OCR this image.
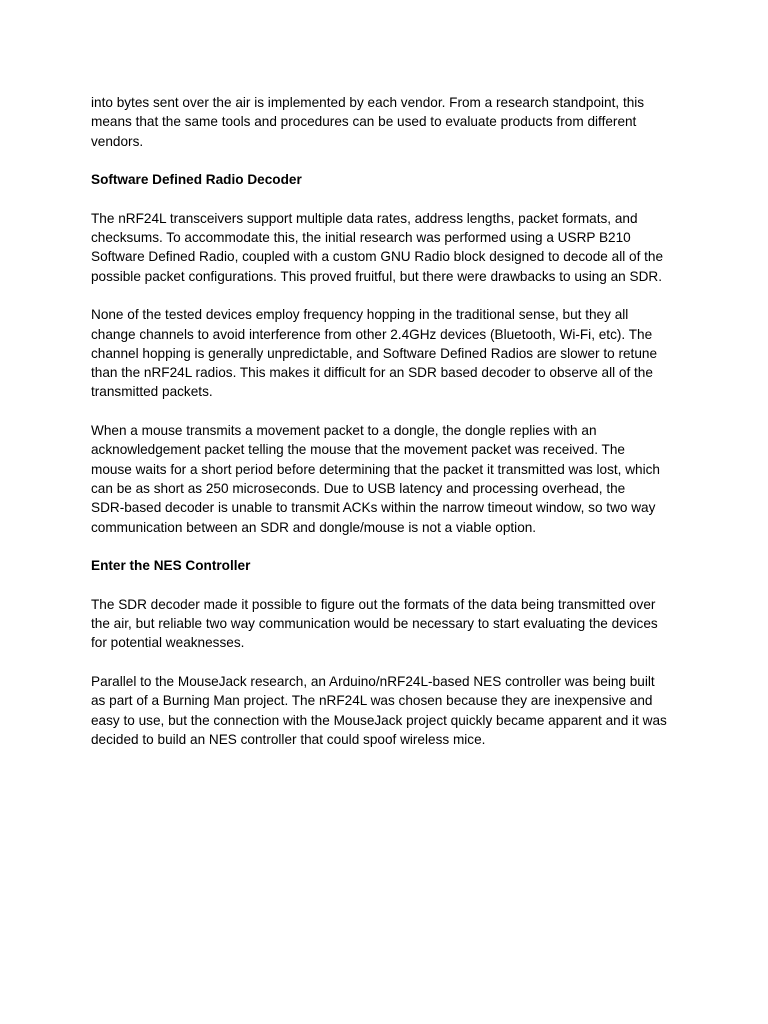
into bytes sent over the air is implemented by each vendor. From a research standpoint, this
means that the same tools and procedures can be used to evaluate products from different
vendors.
Software Defined Radio Decoder
The nRF24L transceivers support multiple data rates, address lengths, packet formats, and
checksums. To accommodate this, the initial research was performed using a USRP B210
Software Defined Radio, coupled with a custom GNU Radio block designed to decode all of the
possible packet configurations. This proved fruitful, but there were drawbacks to using an SDR.
None of the tested devices employ frequency hopping in the traditional sense, but they all
change channels to avoid interference from other 2.4GHz devices (Bluetooth, Wi-Fi, etc). The
channel hopping is generally unpredictable, and Software Defined Radios are slower to retune
than the nRF24L radios. This makes it difficult for an SDR based decoder to observe all of the
transmitted packets.
When a mouse transmits a movement packet to a dongle, the dongle replies with an
acknowledgement packet telling the mouse that the movement packet was received. The
mouse waits for a short period before determining that the packet it transmitted was lost, which
can be as short as 250 microseconds. Due to USB latency and processing overhead, the
SDR-based decoder is unable to transmit ACKs within the narrow timeout window, so two way
communication between an SDR and dongle/mouse is not a viable option.
Enter the NES Controller
The SDR decoder made it possible to figure out the formats of the data being transmitted over
the air, but reliable two way communication would be necessary to start evaluating the devices
for potential weaknesses.
Parallel to the MouseJack research, an Arduino/nRF24L-based NES controller was being built
as part of a Burning Man project. The nRF24L was chosen because they are inexpensive and
easy to use, but the connection with the MouseJack project quickly became apparent and it was
decided to build an NES controller that could spoof wireless mice.
